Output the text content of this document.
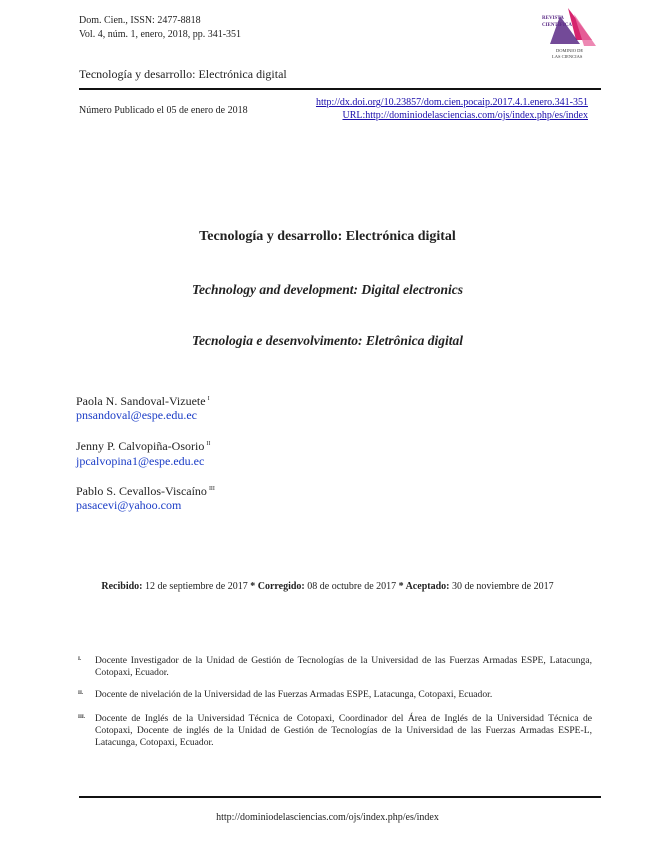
Dom. Cien., ISSN: 2477-8818
Vol. 4, núm. 1, enero, 2018, pp. 341-351
REVISTA
CIENTÍFICA
DOMINIO DE
LAS CIENCIAS
Tecnología y desarrollo: Electrónica digital
Número Publicado el 05 de enero de 2018
http://dx.doi.org/10.23857/dom.cien.pocaip.2017.4.1.enero.341-351
URL:http://dominiodelasciencias.com/ojs/index.php/es/index
Tecnología y desarrollo: Electrónica digital
Technology and development: Digital electronics
Tecnologia e desenvolvimento: Eletrônica digital
Paola N. Sandoval-Vizuete $^I$
pnsandoval@espe.edu.ec
Jenny P. Calvopiña-Osorio $^{II}$
jpcalvopina1@espe.edu.ec
Pablo S. Cevallos-Viscaíno $^{III}$
pasacevi@yahoo.com
Recibido: 12 de septiembre de 2017 * Corregido: 08 de octubre de 2017 * Aceptado: 30 de noviembre de 2017
I. Docente Investigador de la Unidad de Gestión de Tecnologías de la Universidad de las Fuerzas Armadas ESPE, Latacunga, Cotopaxi, Ecuador.
II. Docente de nivelación de la Universidad de las Fuerzas Armadas ESPE, Latacunga, Cotopaxi, Ecuador.
III. Docente de Inglés de la Universidad Técnica de Cotopaxi, Coordinador del Área de Inglés de la Universidad Técnica de Cotopaxi, Docente de inglés de la Unidad de Gestión de Tecnologías de la Universidad de las Fuerzas Armadas ESPE-L, Latacunga, Cotopaxi, Ecuador.
http://dominiodelasciencias.com/ojs/index.php/es/index
